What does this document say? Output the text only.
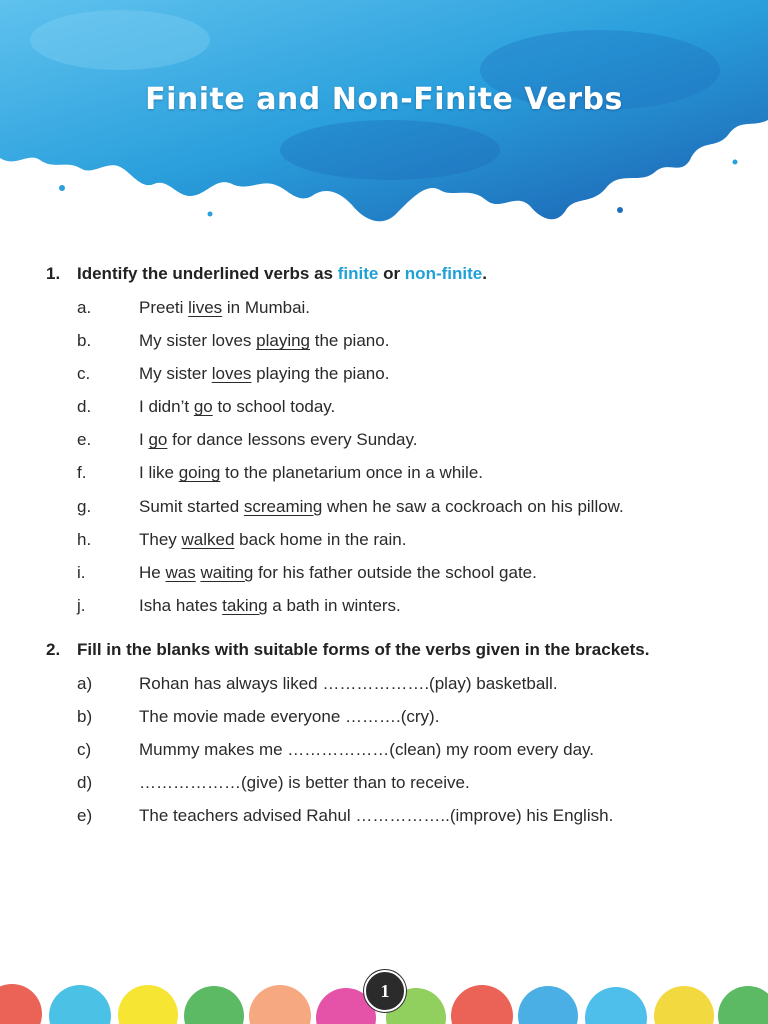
Finite and Non-Finite Verbs
1. Identify the underlined verbs as finite or non-finite.
a.	Preeti lives in Mumbai.
b.	My sister loves playing the piano.
c.	My sister loves playing the piano.
d.	I didn’t go to school today.
e.	I go for dance lessons every Sunday.
f.	I like going to the planetarium once in a while.
g.	Sumit started screaming when he saw a cockroach on his pillow.
h.	They walked back home in the rain.
i.	He was waiting for his father outside the school gate.
j.	Isha hates taking a bath in winters.
2. Fill in the blanks with suitable forms of the verbs given in the brackets.
a)	Rohan has always liked ……………….(play) basketball.
b)	The movie made everyone ……….(cry).
c)	Mummy makes me ………………(clean) my room every day.
d)	………………(give) is better than to receive.
e)	The teachers advised Rahul ……………..(improve) his English.
1
